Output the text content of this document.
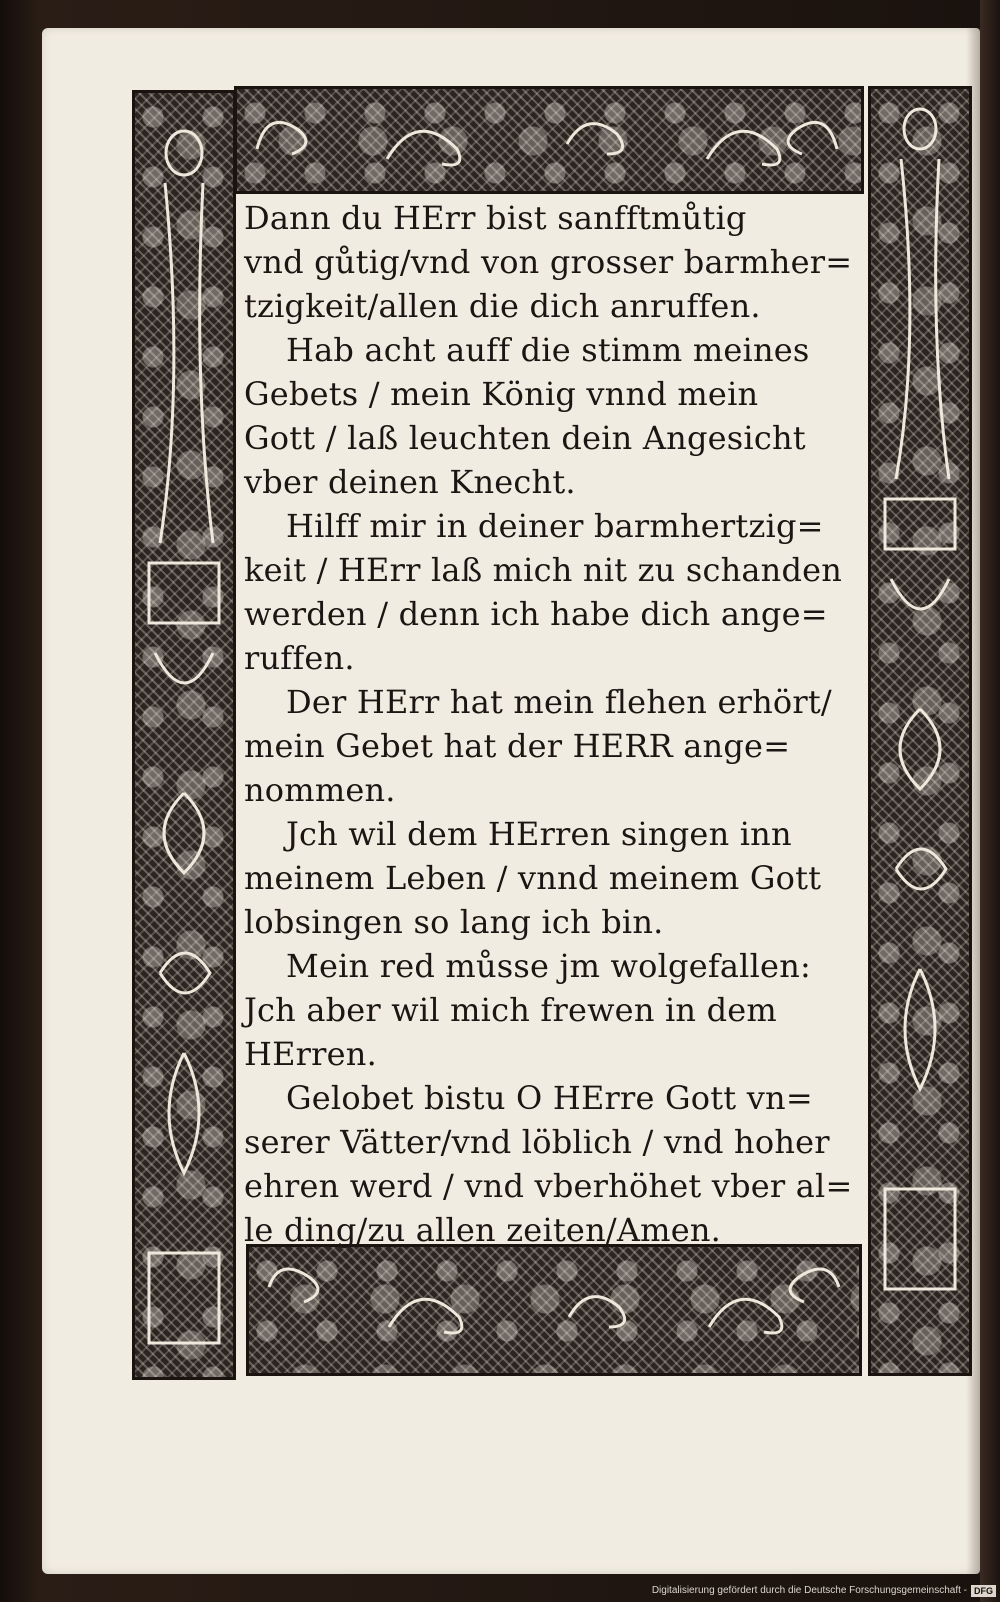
Dann du HErr bist sanfftmůtig
vnd gůtig/vnd von grosser barmher=
tzigkeit/allen die dich anruffen.
Hab acht auff die stimm meines
Gebets / mein König vnnd mein
Gott / laß leuchten dein Angesicht
vber deinen Knecht.
Hilff mir in deiner barmhertzig=
keit / HErr laß mich nit zu schanden
werden / denn ich habe dich ange=
ruffen.
Der HErr hat mein flehen erhört/
mein Gebet hat der HERR ange=
nommen.
Jch wil dem HErren singen inn
meinem Leben / vnnd meinem Gott
lobsingen so lang ich bin.
Mein red můsse jm wolgefallen:
Jch aber wil mich frewen in dem
HErren.
Gelobet bistu O HErre Gott vn=
serer Vätter/vnd löblich / vnd hoher
ehren werd / vnd vberhöhet vber al=
le ding/zu allen zeiten/Amen.
Digitalisierung gefördert durch die Deutsche Forschungsgemeinschaft - DFG
